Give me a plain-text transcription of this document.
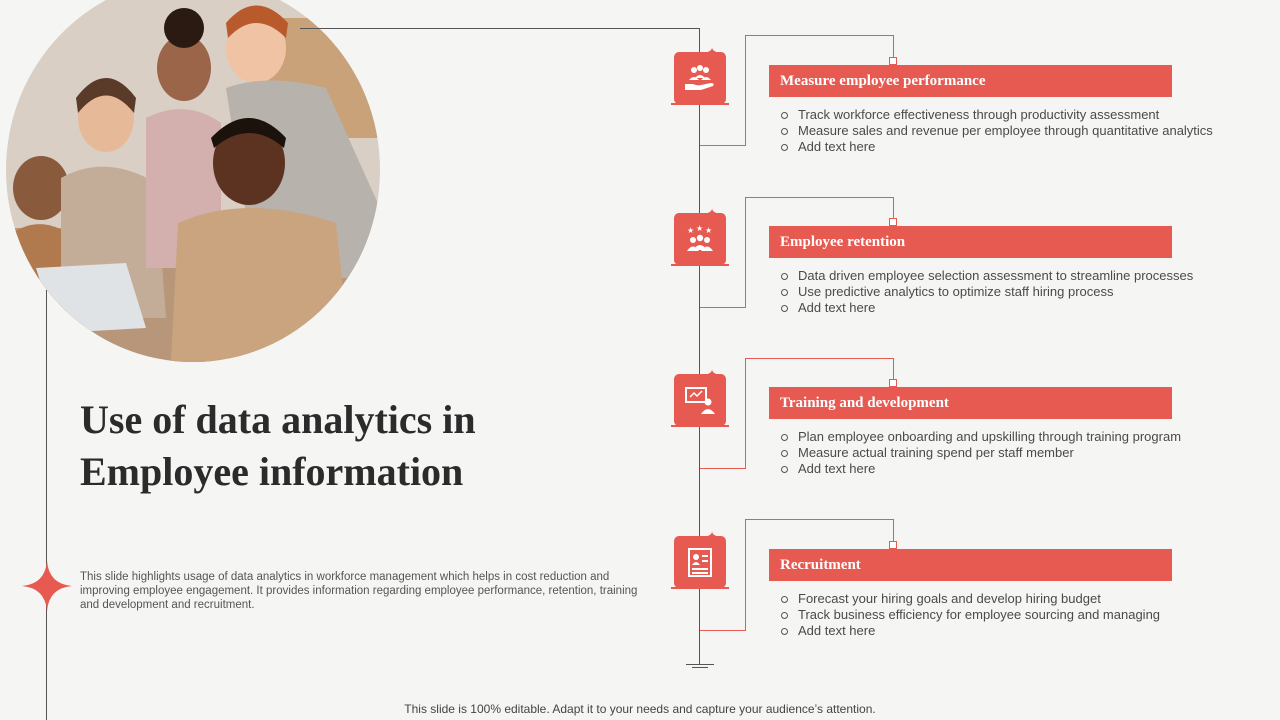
Use of data analytics in Employee information

This slide highlights usage of data analytics in workforce management which helps in cost reduction and improving employee engagement. It provides information regarding employee performance, retention, training and development and recruitment.

✦
Measure employee performance
Track workforce effectiveness through productivity assessment
Measure sales and revenue per employee through quantitative analytics
Add text here
★ ★ ★
✦
Employee retention
Data driven employee selection assessment to streamline processes
Use predictive analytics to optimize staff hiring process
Add text here
✦
Training and development
Plan employee onboarding and upskilling through training program
Measure actual training spend per staff member
Add text here
✦
Recruitment
Forecast your hiring goals and develop hiring budget
Track business efficiency for employee sourcing and managing
Add text here
This slide is 100% editable. Adapt it to your needs and capture your audience’s attention.
